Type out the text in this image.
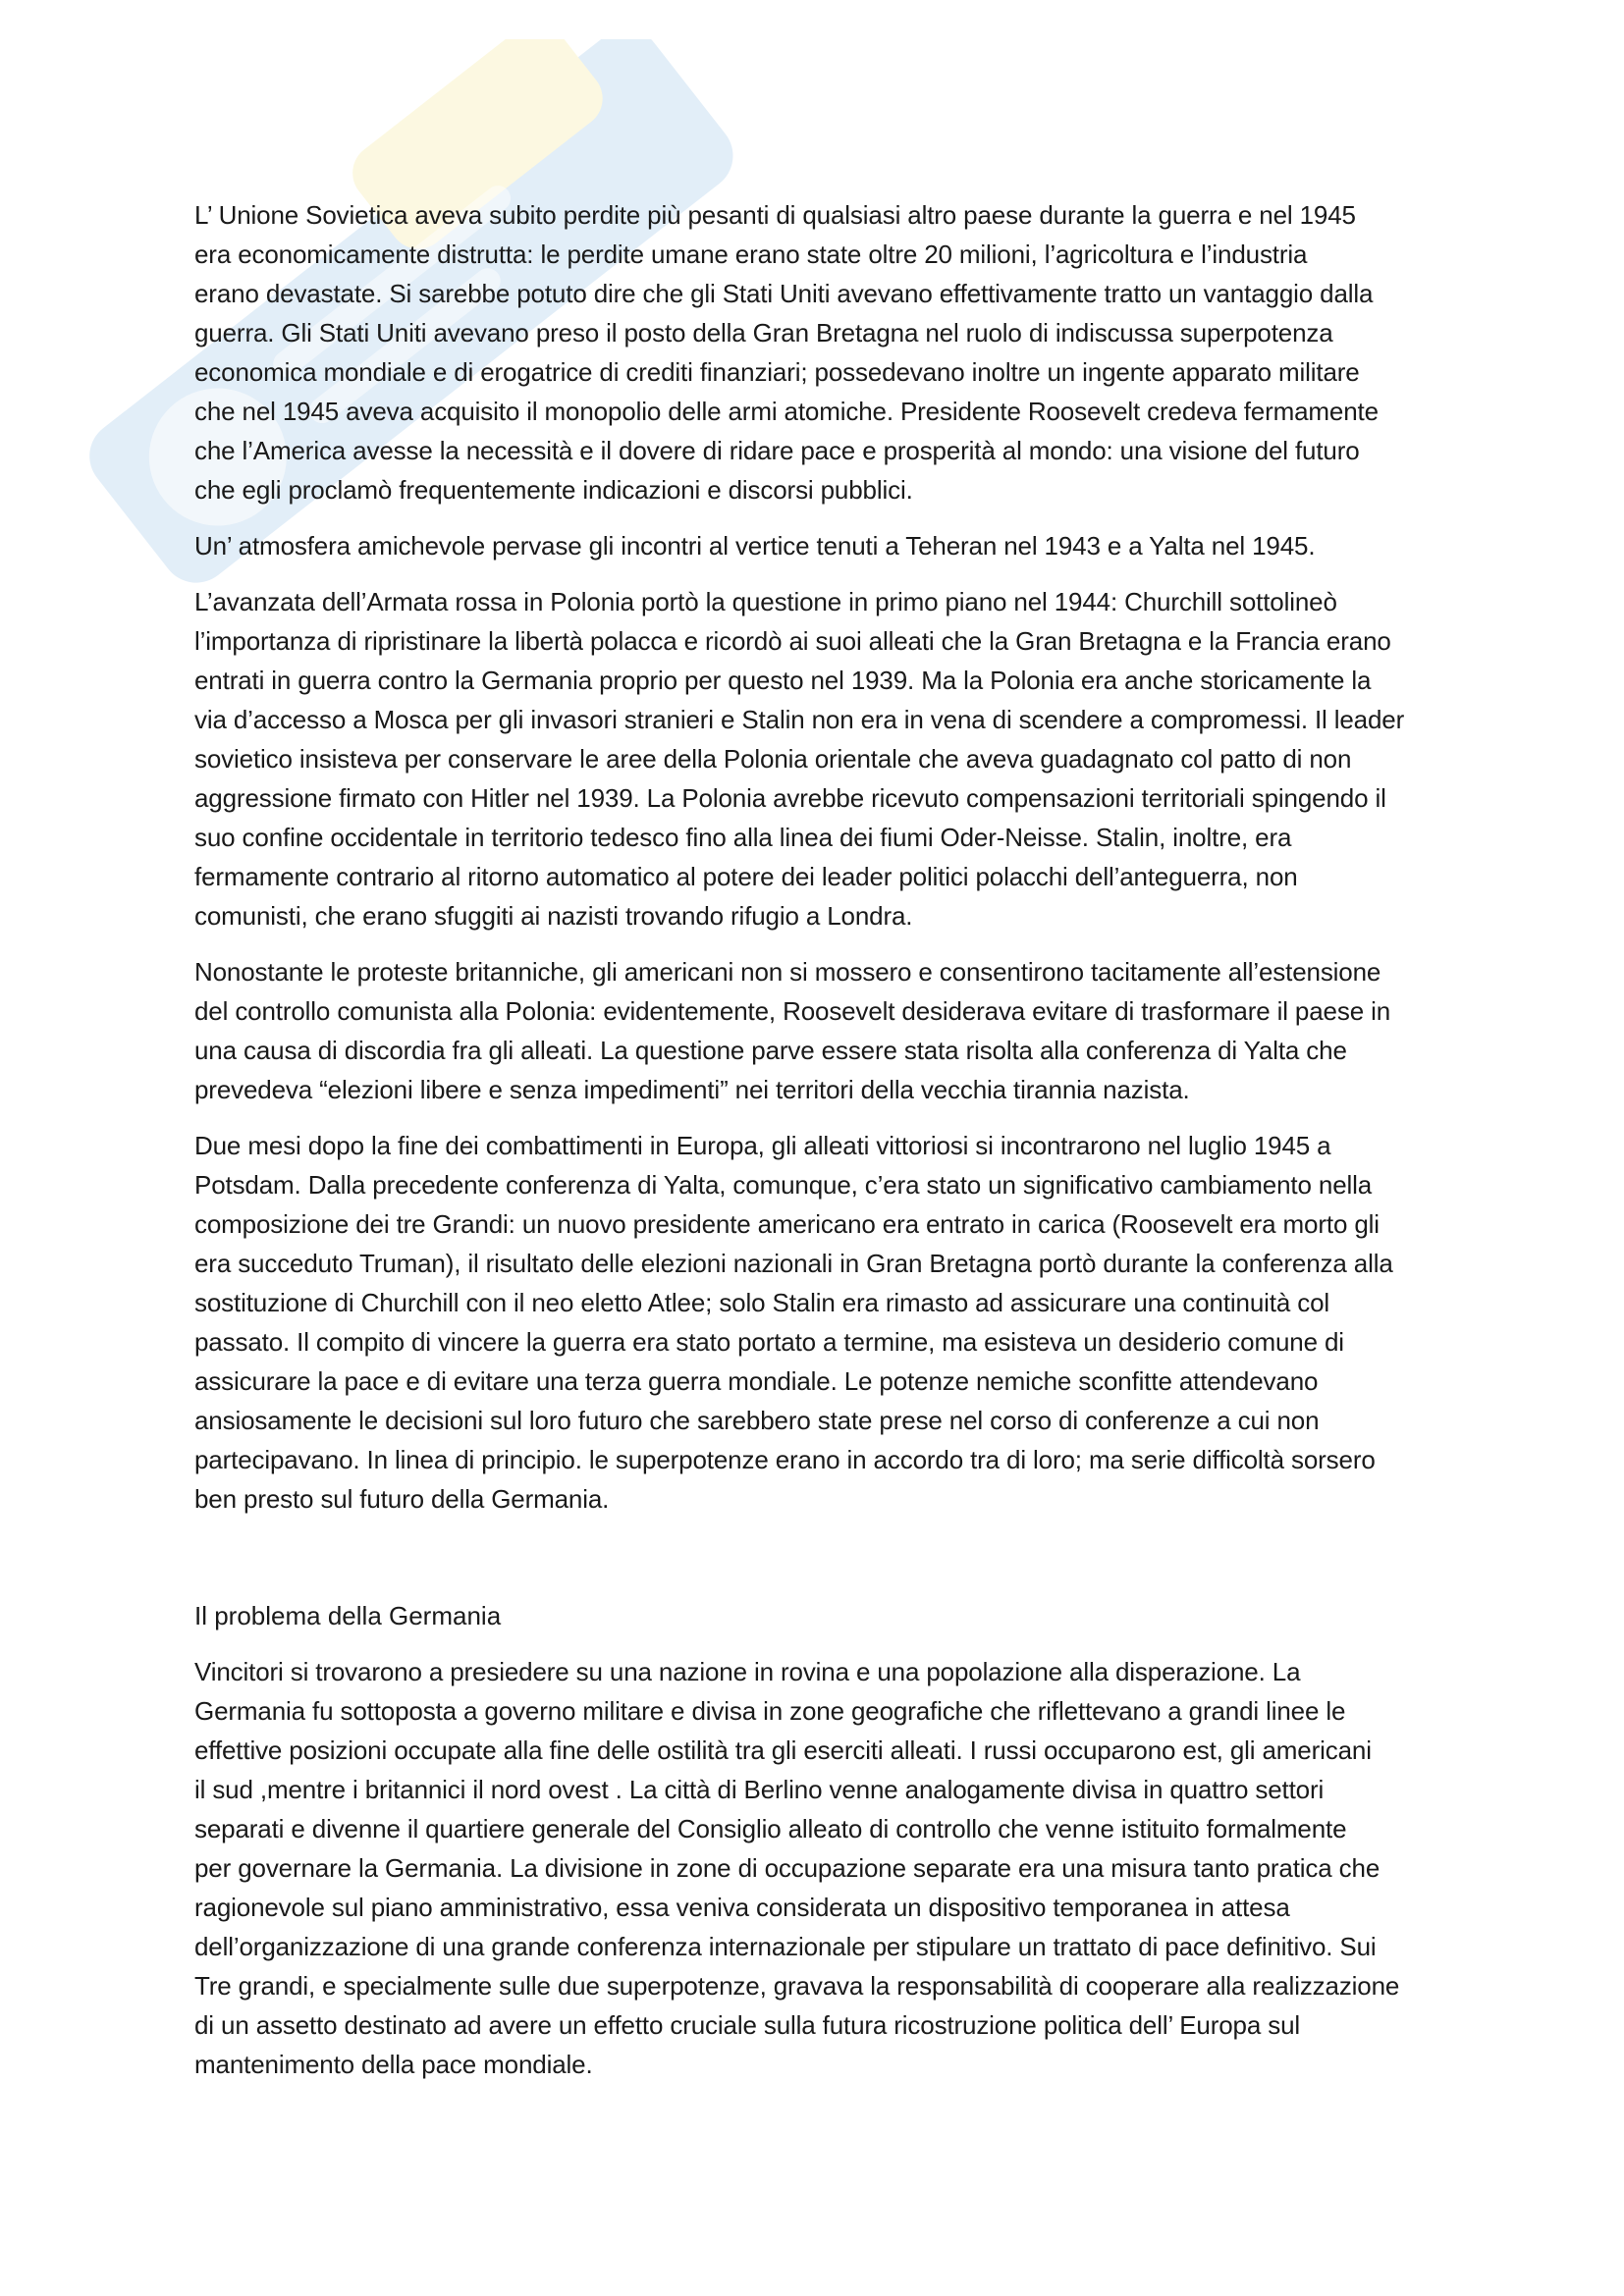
L’ Unione Sovietica aveva subito perdite più pesanti di qualsiasi altro paese durante la guerra e nel 1945
era economicamente distrutta: le perdite umane erano state oltre 20 milioni, l’agricoltura e l’industria
erano devastate. Si sarebbe potuto dire che gli Stati Uniti avevano effettivamente tratto un vantaggio dalla
guerra. Gli Stati Uniti avevano preso il posto della Gran Bretagna nel ruolo di indiscussa superpotenza
economica mondiale e di erogatrice di crediti finanziari; possedevano inoltre un ingente apparato militare
che nel 1945 aveva acquisito il monopolio delle armi atomiche. Presidente Roosevelt credeva fermamente
che l’America avesse la necessità e il dovere di ridare pace e prosperità al mondo: una visione del futuro
che egli proclamò frequentemente indicazioni e discorsi pubblici.

Un’ atmosfera amichevole pervase gli incontri al vertice tenuti a Teheran nel 1943 e a Yalta nel 1945.

L’avanzata dell’Armata rossa in Polonia portò la questione in primo piano nel 1944: Churchill sottolineò
l’importanza di ripristinare la libertà polacca e ricordò ai suoi alleati che la Gran Bretagna e la Francia erano
entrati in guerra contro la Germania proprio per questo nel 1939. Ma la Polonia era anche storicamente la
via d’accesso a Mosca per gli invasori stranieri e Stalin non era in vena di scendere a compromessi. Il leader
sovietico insisteva per conservare le aree della Polonia orientale che aveva guadagnato col patto di non
aggressione firmato con Hitler nel 1939. La Polonia avrebbe ricevuto compensazioni territoriali spingendo il
suo confine occidentale in territorio tedesco fino alla linea dei fiumi Oder-Neisse. Stalin, inoltre, era
fermamente contrario al ritorno automatico al potere dei leader politici polacchi dell’anteguerra, non
comunisti, che erano sfuggiti ai nazisti trovando rifugio a Londra.

Nonostante le proteste britanniche, gli americani non si mossero e consentirono tacitamente all’estensione
del controllo comunista alla Polonia: evidentemente, Roosevelt desiderava evitare di trasformare il paese in
una causa di discordia fra gli alleati. La questione parve essere stata risolta alla conferenza di Yalta che
prevedeva “elezioni libere e senza impedimenti” nei territori della vecchia tirannia nazista.

Due mesi dopo la fine dei combattimenti in Europa, gli alleati vittoriosi si incontrarono nel luglio 1945 a
Potsdam. Dalla precedente conferenza di Yalta, comunque, c’era stato un significativo cambiamento nella
composizione dei tre Grandi: un nuovo presidente americano era entrato in carica (Roosevelt era morto gli
era succeduto Truman), il risultato delle elezioni nazionali in Gran Bretagna portò durante la conferenza alla
sostituzione di Churchill con il neo eletto Atlee; solo Stalin era rimasto ad assicurare una continuità col
passato. Il compito di vincere la guerra era stato portato a termine, ma esisteva un desiderio comune di
assicurare la pace e di evitare una terza guerra mondiale. Le potenze nemiche sconfitte attendevano
ansiosamente le decisioni sul loro futuro che sarebbero state prese nel corso di conferenze a cui non
partecipavano. In linea di principio. le superpotenze erano in accordo tra di loro; ma serie difficoltà sorsero
ben presto sul futuro della Germania.

Il problema della Germania

Vincitori si trovarono a presiedere su una nazione in rovina e una popolazione alla disperazione. La
Germania fu sottoposta a governo militare e divisa in zone geografiche che riflettevano a grandi linee le
effettive posizioni occupate alla fine delle ostilità tra gli eserciti alleati. I russi occuparono est, gli americani
il sud ,mentre i britannici il nord ovest . La città di Berlino venne analogamente divisa in quattro settori
separati e divenne il quartiere generale del Consiglio alleato di controllo che venne istituito formalmente
per governare la Germania. La divisione in zone di occupazione separate era una misura tanto pratica che
ragionevole sul piano amministrativo, essa veniva considerata un dispositivo temporanea in attesa
dell’organizzazione di una grande conferenza internazionale per stipulare un trattato di pace definitivo. Sui
Tre grandi, e specialmente sulle due superpotenze, gravava la responsabilità di cooperare alla realizzazione
di un assetto destinato ad avere un effetto cruciale sulla futura ricostruzione politica dell’ Europa sul
mantenimento della pace mondiale.
